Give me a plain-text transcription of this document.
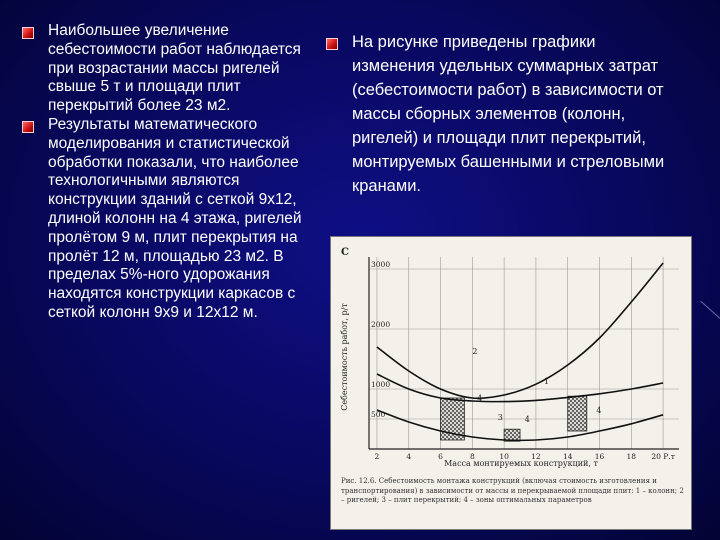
Наибольшее увеличение себестоимости работ наблюдается при возрастании массы ригелей свыше 5 т и площади плит перекрытий более 23 м2.
Результаты математического моделирования и статистической обработки показали, что наиболее технологичными являются конструкции зданий с сеткой 9х12, длиной колонн на 4 этажа, ригелей пролётом 9 м, плит перекрытия на пролёт 12 м, площадью 23 м2. В пределах 5%-ного удорожания находятся конструкции каркасов с сеткой колонн 9х9 и 12х12 м.
На рисунке приведены графики изменения удельных суммарных затрат (себестоимости работ) в зависимости от массы сборных элементов (колонн, ригелей) и площади плит перекрытий, монтируемых башенными и стреловыми кранами.
С
Себестоимость работ, р/т
Масса монтируемых конструкций, т
1
2
3
4
4
4
500
1000
2000
3000
2	4	6	8	10	12	14	16	18 20 Р.т
Рис. 12.6. Себестоимость монтажа конструкций (включая стоимость изготовления и транспортирования) в зависимости от массы и перекрываемой площади плит: 1 – колонн; 2 – ригелей; 3 – плит перекрытий; 4 – зоны оптимальных параметров
